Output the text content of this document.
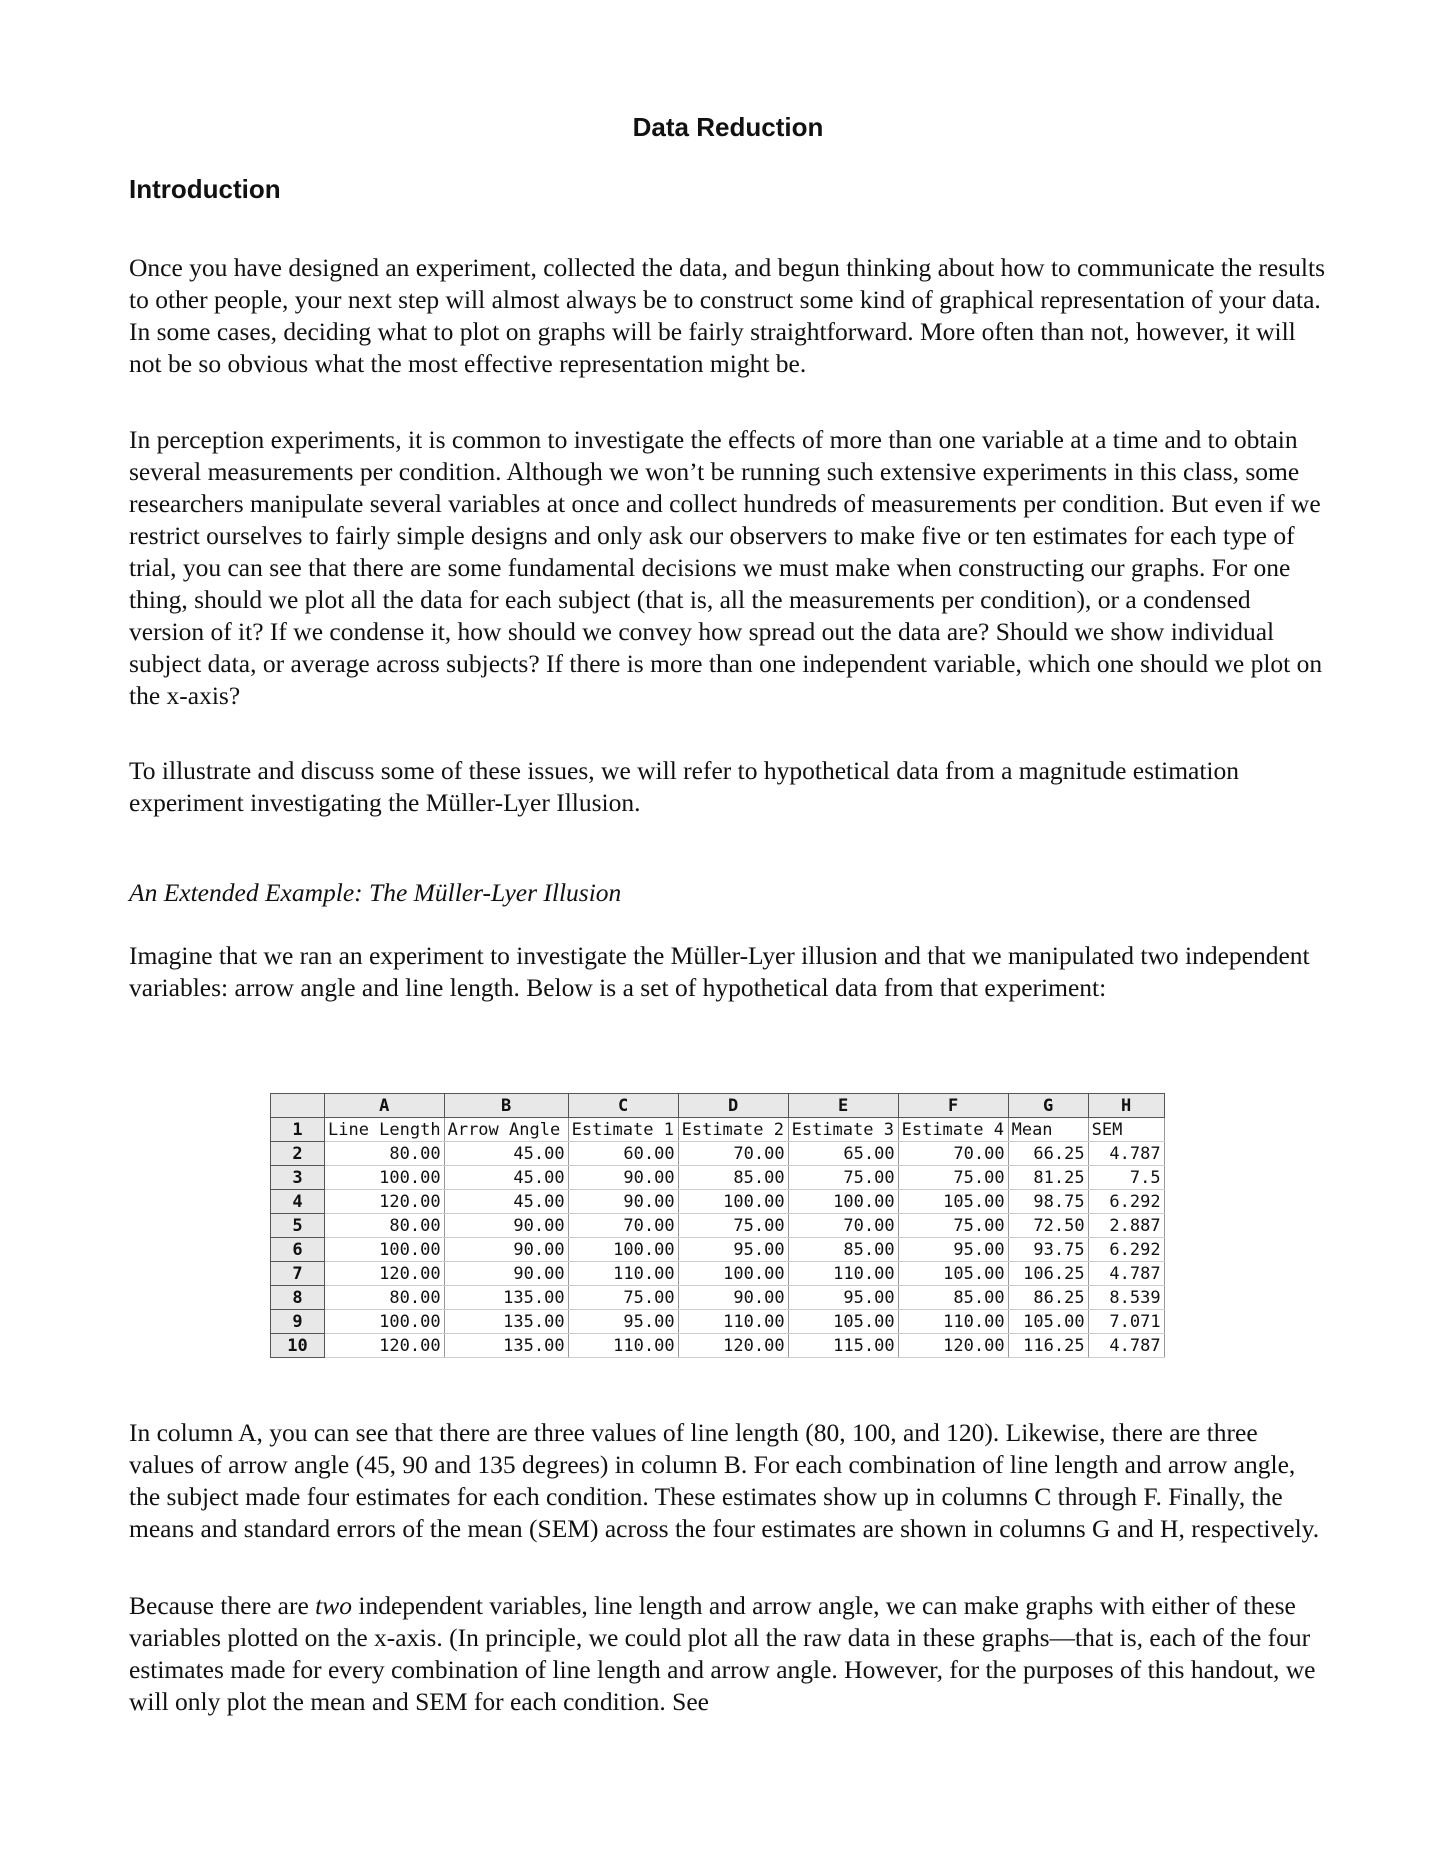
Data Reduction
Introduction

Once you have designed an experiment, collected the data, and begun thinking about how to communicate the results to other people, your next step will almost always be to construct some kind of graphical representation of your data. In some cases, deciding what to plot on graphs will be fairly straightforward. More often than not, however, it will not be so obvious what the most effective representation might be.

In perception experiments, it is common to investigate the effects of more than one variable at a time and to obtain several measurements per condition. Although we won’t be running such extensive experiments in this class, some researchers manipulate several variables at once and collect hundreds of measurements per condition. But even if we restrict ourselves to fairly simple designs and only ask our observers to make five or ten estimates for each type of trial, you can see that there are some fundamental decisions we must make when constructing our graphs. For one thing, should we plot all the data for each subject (that is, all the measurements per condition), or a condensed version of it? If we condense it, how should we convey how spread out the data are? Should we show individual subject data, or average across subjects? If there is more than one independent variable, which one should we plot on the x-axis?

To illustrate and discuss some of these issues, we will refer to hypothetical data from a magnitude estimation experiment investigating the Müller-Lyer Illusion.

An Extended Example: The Müller-Lyer Illusion

Imagine that we ran an experiment to investigate the Müller-Lyer illusion and that we manipulated two independent variables: arrow angle and line length. Below is a set of hypothetical data from that experiment:

	A	B	C	D	E	F	G	H
1	Line Length	Arrow Angle	Estimate 1	Estimate 2	Estimate 3	Estimate 4	Mean	SEM
2	80.00	45.00	60.00	70.00	65.00	70.00	66.25	4.787
3	100.00	45.00	90.00	85.00	75.00	75.00	81.25	7.5
4	120.00	45.00	90.00	100.00	100.00	105.00	98.75	6.292
5	80.00	90.00	70.00	75.00	70.00	75.00	72.50	2.887
6	100.00	90.00	100.00	95.00	85.00	95.00	93.75	6.292
7	120.00	90.00	110.00	100.00	110.00	105.00	106.25	4.787
8	80.00	135.00	75.00	90.00	95.00	85.00	86.25	8.539
9	100.00	135.00	95.00	110.00	105.00	110.00	105.00	7.071
10	120.00	135.00	110.00	120.00	115.00	120.00	116.25	4.787

In column A, you can see that there are three values of line length (80, 100, and 120). Likewise, there are three values of arrow angle (45, 90 and 135 degrees) in column B. For each combination of line length and arrow angle, the subject made four estimates for each condition. These estimates show up in columns C through F. Finally, the means and standard errors of the mean (SEM) across the four estimates are shown in columns G and H, respectively.

Because there are two independent variables, line length and arrow angle, we can make graphs with either of these variables plotted on the x-axis. (In principle, we could plot all the raw data in these graphs—that is, each of the four estimates made for every combination of line length and arrow angle. However, for the purposes of this handout, we will only plot the mean and SEM for each condition. See
